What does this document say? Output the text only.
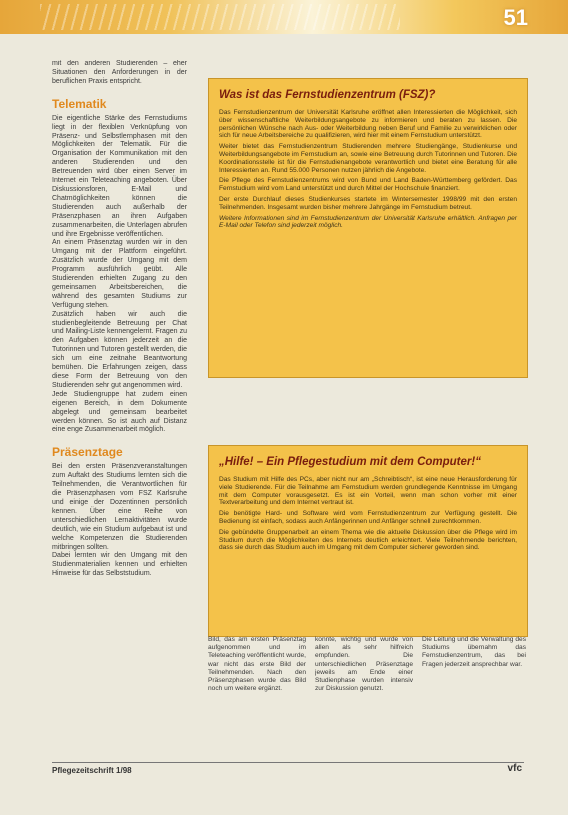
51

mit den anderen Studierenden – eher Situationen den Anforderungen in der beruflichen Praxis entspricht.

Telematik

Die eigentliche Stärke des Fernstudiums liegt in der flexiblen Verknüpfung von Präsenz- und Selbstlernphasen mit den Möglichkeiten der Telematik. Für die Organisation der Kommunikation mit den anderen Studierenden und den Betreuenden wird über einen Server im Internet ein Teleteaching angeboten. Über Diskussionsforen, E-Mail und Chatmöglichkeiten können die Studierenden auch außerhalb der Präsenzphasen an ihren Aufgaben zusammenarbeiten, die Unterlagen abrufen und ihre Ergebnisse veröffentlichen.

An einem Präsenztag wurden wir in den Umgang mit der Plattform eingeführt. Zusätzlich wurde der Umgang mit dem Programm ausführlich geübt. Alle Studierenden erhielten Zugang zu den gemeinsamen Arbeitsbereichen, die während des gesamten Studiums zur Verfügung stehen.

Zusätzlich haben wir auch die studienbegleitende Betreuung per Chat und Mailing-Liste kennengelernt. Fragen zu den Aufgaben können jederzeit an die Tutorinnen und Tutoren gestellt werden, die sich um eine zeitnahe Beantwortung bemühen. Die Erfahrungen zeigen, dass diese Form der Betreuung von den Studierenden sehr gut angenommen wird.

Jede Studiengruppe hat zudem einen eigenen Bereich, in dem Dokumente abgelegt und gemeinsam bearbeitet werden können. So ist auch auf Distanz eine enge Zusammenarbeit möglich.

Präsenztage

Bei den ersten Präsenzveranstaltungen zum Auftakt des Studiums lernten sich die Teilnehmenden, die Verantwortlichen für die Präsenzphasen vom FSZ Karlsruhe und einige der Dozentinnen persönlich kennen. Über eine Reihe von unterschiedlichen Lernaktivitäten wurde deutlich, wie ein Studium aufgebaut ist und welche Kompetenzen die Studierenden mitbringen sollten.

Dabei lernten wir den Umgang mit den Studienmaterialien kennen und erhielten Hinweise für das Selbststudium.

Was ist das Fernstudienzentrum (FSZ)?

Das Fernstudienzentrum der Universität Karlsruhe eröffnet allen Interessierten die Möglichkeit, sich über wissenschaftliche Weiterbildungsangebote zu informieren und beraten zu lassen. Die persönlichen Wünsche nach Aus- oder Weiterbildung neben Beruf und Familie zu verwirklichen oder sich für neue Arbeitsbereiche zu qualifizieren, wird hier mit einem Fernstudium unterstützt.

Weiter bietet das Fernstudienzentrum Studierenden mehrere Studiengänge, Studienkurse und Weiterbildungsangebote im Fernstudium an, sowie eine Betreuung durch Tutorinnen und Tutoren. Die Koordinationsstelle ist für die Fernstudienangebote verantwortlich und bietet eine Beratung für alle Interessierten an. Rund 55.000 Personen nutzen jährlich die Angebote.

Die Pflege des Fernstudienzentrums wird von Bund und Land Baden-Württemberg gefördert. Das Fernstudium wird vom Land unterstützt und durch Mittel der Hochschule finanziert.

Der erste Durchlauf dieses Studienkurses startete im Wintersemester 1998/99 mit den ersten Teilnehmenden. Insgesamt wurden bisher mehrere Jahrgänge im Fernstudium betreut.

Weitere Informationen sind im Fernstudienzentrum der Universität Karlsruhe erhältlich. Anfragen per E-Mail oder Telefon sind jederzeit möglich.

„Hilfe! – Ein Pflegestudium mit dem Computer!“

Das Studium mit Hilfe des PCs, aber nicht nur am „Schreibtisch“, ist eine neue Herausforderung für viele Studierende. Für die Teilnahme am Fernstudium werden grundlegende Kenntnisse im Umgang mit dem Computer vorausgesetzt. Es ist ein Vorteil, wenn man schon vorher mit einer Textverarbeitung und dem Internet vertraut ist.

Die benötigte Hard- und Software wird vom Fernstudienzentrum zur Verfügung gestellt. Die Bedienung ist einfach, sodass auch Anfängerinnen und Anfänger schnell zurechtkommen.

Die gebündelte Gruppenarbeit an einem Thema wie die aktuelle Diskussion über die Pflege wird im Studium durch die Möglichkeiten des Internets deutlich erleichtert. Viele Teilnehmende berichten, dass sie durch das Studium auch im Umgang mit dem Computer sicherer geworden sind.

Bild, das am ersten Präsenztag aufgenommen und im Teleteaching veröffentlicht wurde, war nicht das erste Bild der Teilnehmenden. Nach den Präsenzphasen wurde das Bild noch um weitere ergänzt.

konnte, wichtig und wurde von allen als sehr hilfreich empfunden. Die unterschiedlichen Präsenztage jeweils am Ende einer Studienphase wurden intensiv zur Diskussion genutzt.

Die Leitung und die Verwaltung des Studiums übernahm das Fernstudienzentrum, das bei Fragen jederzeit ansprechbar war.

Pflegezeitschrift 1/98	vfc
